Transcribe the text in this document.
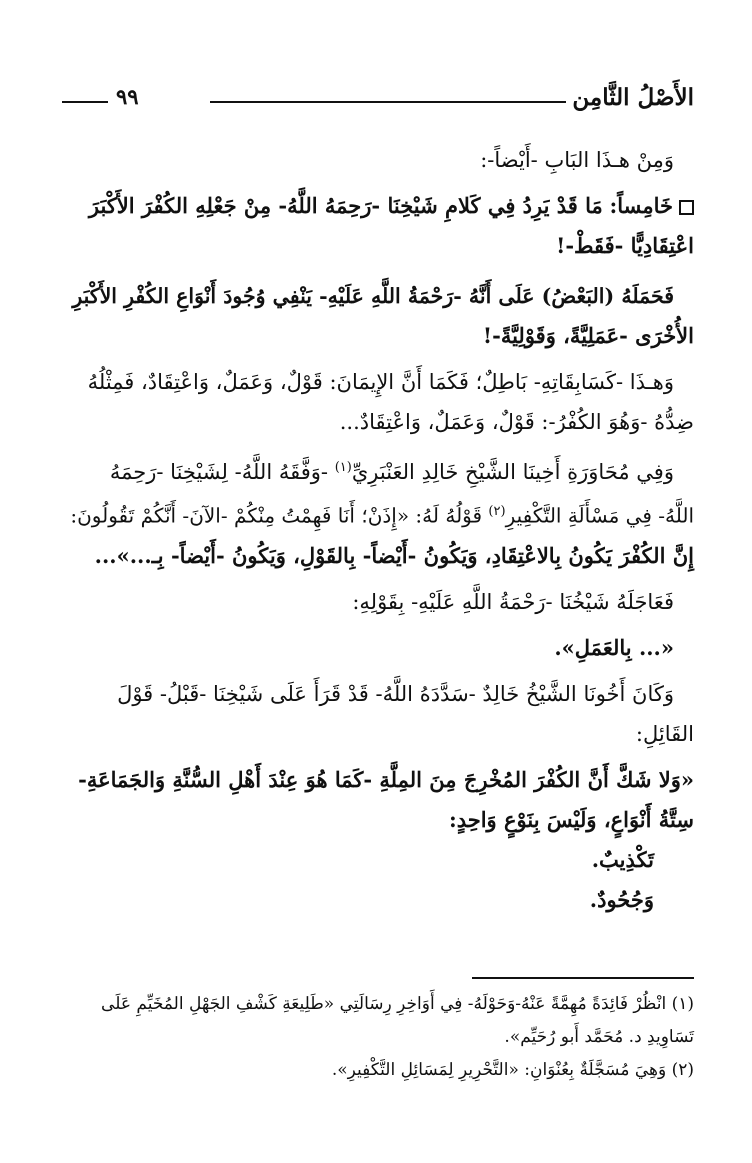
الأَصْلُ الثَّامِن
٩٩
وَمِنْ هـذَا البَابِ -أَيْضاً-:
خَامِساً: مَا قَدْ يَرِدُ فِي كَلامِ شَيْخِنَا -رَحِمَهُ اللَّهُ- مِنْ جَعْلِهِ الكُفْرَ الأَكْبَرَ
اعْتِقَادِيًّا -فَقَطْ-!
فَحَمَلَهُ (البَعْضُ) عَلَى أَنَّهُ -رَحْمَةُ اللَّهِ عَلَيْهِ- يَنْفِي وُجُودَ أَنْوَاعِ الكُفْرِ الأَكْبَرِ
الأُخْرَى -عَمَلِيَّةً، وَقَوْلِيَّةً-!
وَهـذَا -كَسَابِقَاتِهِ- بَاطِلٌ؛ فَكَمَا أَنَّ الإِيمَانَ: قَوْلٌ، وَعَمَلٌ، وَاعْتِقَادٌ، فَمِثْلُهُ
ضِدُّهُ -وَهُوَ الكُفْرُ-: قَوْلٌ، وَعَمَلٌ، وَاعْتِقَادٌ...
وَفِي مُحَاوَرَةِ أَخِينَا الشَّيْخِ خَالِدِ العَنْبَرِيِّ$^{(١)}$ -وَفَّقَهُ اللَّهُ- لِشَيْخِنَا -رَحِمَهُ
اللَّهُ- فِي مَسْأَلَةِ التَّكْفِيرِ$^{(٢)}$ قَوْلُهُ لَهُ: «إِذَنْ؛ أَنَا فَهِمْتُ مِنْكُمْ -الآنَ- أَنَّكُمْ تَقُولُونَ:
إِنَّ الكُفْرَ يَكُونُ بِالاعْتِقَادِ، وَيَكُونُ -أَيْضاً- بِالقَوْلِ، وَيَكُونُ -أَيْضاً- بِـ...»...
فَعَاجَلَهُ شَيْخُنَا -رَحْمَةُ اللَّهِ عَلَيْهِ- بِقَوْلِهِ:
«... بِالعَمَلِ».
وَكَانَ أَخُونَا الشَّيْخُ خَالِدٌ -سَدَّدَهُ اللَّهُ- قَدْ قَرَأَ عَلَى شَيْخِنَا -قَبْلُ- قَوْلَ
القَائِلِ:
«وَلا شَكَّ أَنَّ الكُفْرَ المُخْرِجَ مِنَ المِلَّةِ -كَمَا هُوَ عِنْدَ أَهْلِ السُّنَّةِ وَالجَمَاعَةِ-
سِتَّةُ أَنْوَاعٍ، وَلَيْسَ بِنَوْعٍ وَاحِدٍ:
تَكْذِيبٌ.
وَجُحُودٌ.
(١) انْظُرْ فَائِدَةً مُهِمَّةً عَنْهُ-وَحَوْلَهُ- فِي أَوَاخِرِ رِسَالَتِي «طَلِيعَةِ كَشْفِ الجَهْلِ المُخَيِّمِ عَلَى
تَسَاوِيدِ د. مُحَمَّد أَبو رُحَيِّم».
(٢) وَهِيَ مُسَجَّلَةٌ بِعُنْوَانِ: «التَّحْرِيرِ لِمَسَائِلِ التَّكْفِيرِ».
